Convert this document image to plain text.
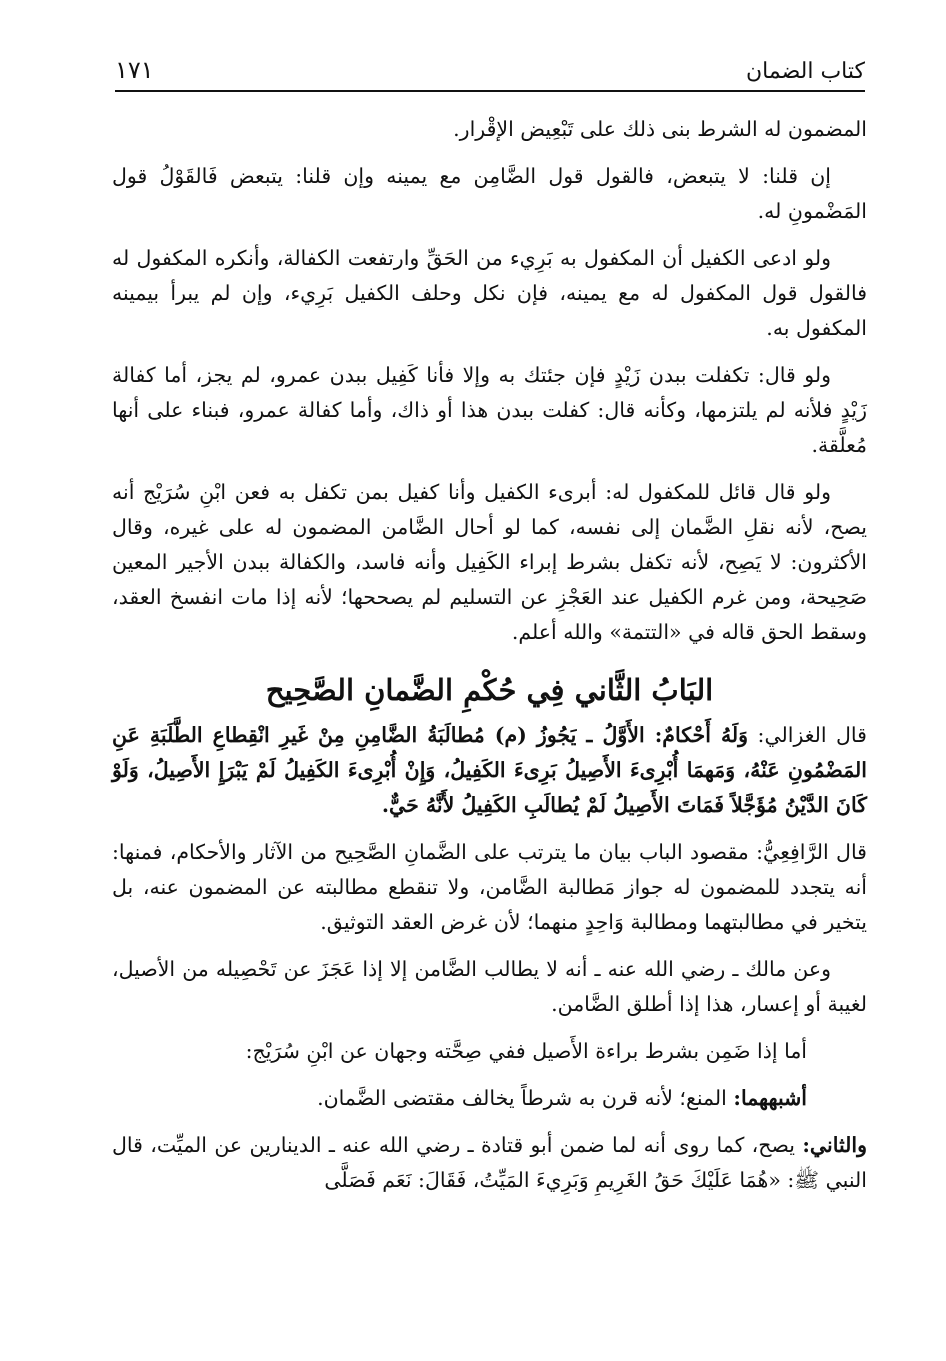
كتاب الضمان
١٧١

المضمون له الشرط بنى ذلك على تَبْعِيض الإقْرار.

إن قلنا: لا يتبعض، فالقول قول الضَّامِن مع يمينه وإن قلنا: يتبعض فَالقَوْلُ قول المَضْمونِ له.

ولو ادعى الكفيل أن المكفول به بَرِيء من الحَقِّ وارتفعت الكفالة، وأنكره المكفول له فالقول قول المكفول له مع يمينه، فإن نكل وحلف الكفيل بَرِيء، وإن لم يبرأ بيمينه المكفول به.

ولو قال: تكفلت ببدن زَيْدٍ فإن جئتك به وإلا فأنا كَفِيل ببدن عمرو، لم يجز، أما كفالة زَيْدٍ فلأنه لم يلتزمها، وكأنه قال: كفلت ببدن هذا أو ذاك، وأما كفالة عمرو، فبناء على أنها مُعلَّقة.

ولو قال قائل للمكفول له: أبرىء الكفيل وأنا كفيل بمن تكفل به فعن ابْنِ سُرَيْج أنه يصح، لأنه نقلِ الضَّمان إلى نفسه، كما لو أحال الضَّامن المضمون له على غيره، وقال الأكثرون: لا يَصِح، لأنه تكفل بشرط إبراء الكَفِيل وأنه فاسد، والكفالة ببدن الأجير المعين صَحِيحة، ومن غرم الكفيل عند العَجْزِ عن التسليم لم يصححها؛ لأنه إذا مات انفسخ العقد، وسقط الحق قاله في «التتمة» والله أعلم.

البَابُ الثَّاني فِي حُكْمِ الضَّمانِ الصَّحِيح

قال الغزالي: وَلَهُ أَحْكامٌ: الأَوَّلُ ـ يَجُوزُ (م) مُطالَبَةُ الضَّامِنِ مِنْ غَيرِ انْقِطاعِ الطَّلَبَةِ عَنِ المَضْمُونِ عَنْهُ، وَمَهمَا أُبْرِىءَ الأَصِيلُ بَرِىءَ الكَفِيلُ، وَإِنْ أُبْرِىءَ الكَفِيلُ لَمْ يَبْرَإِ الأَصِيلُ، وَلَوْ كَانَ الدَّيْنُ مُؤَجَّلاً فَمَاتَ الأَصِيلُ لَمْ يُطالَبِ الكَفِيلُ لأَنَّهُ حَيٌّ.

قال الرَّافِعِيُّ: مقصود الباب بيان ما يترتب على الضَّمانِ الصَّحِيح من الآثار والأحكام، فمنها: أنه يتجدد للمضمون له جواز مَطالبة الضَّامن، ولا تنقطع مطالبته عن المضمون عنه، بل يتخير في مطالبتهما ومطالبة وَاحِدٍ منهما؛ لأن غرض العقد التوثيق.

وعن مالك ـ رضي الله عنه ـ أنه لا يطالب الضَّامن إلا إذا عَجَزَ عن تَحْصِيله من الأصيل، لغيبة أو إعسار، هذا إذا أطلق الضَّامن.

أما إذا ضَمِن بشرط براءة الأَصيل ففي صِحَّته وجهان عن ابْنِ سُرَيْج:

أشبههما: المنع؛ لأنه قرن به شرطاً يخالف مقتضى الضَّمان.

والثاني: يصح، كما روى أنه لما ضمن أبو قتادة ـ رضي الله عنه ـ الدينارين عن الميِّت، قال النبي ﷺ: «هُمَا عَلَيْكَ حَقُ الغَرِيمِ وَبَرِيءَ المَيِّتُ، فَقَالَ: نَعَم فَصَلَّى
